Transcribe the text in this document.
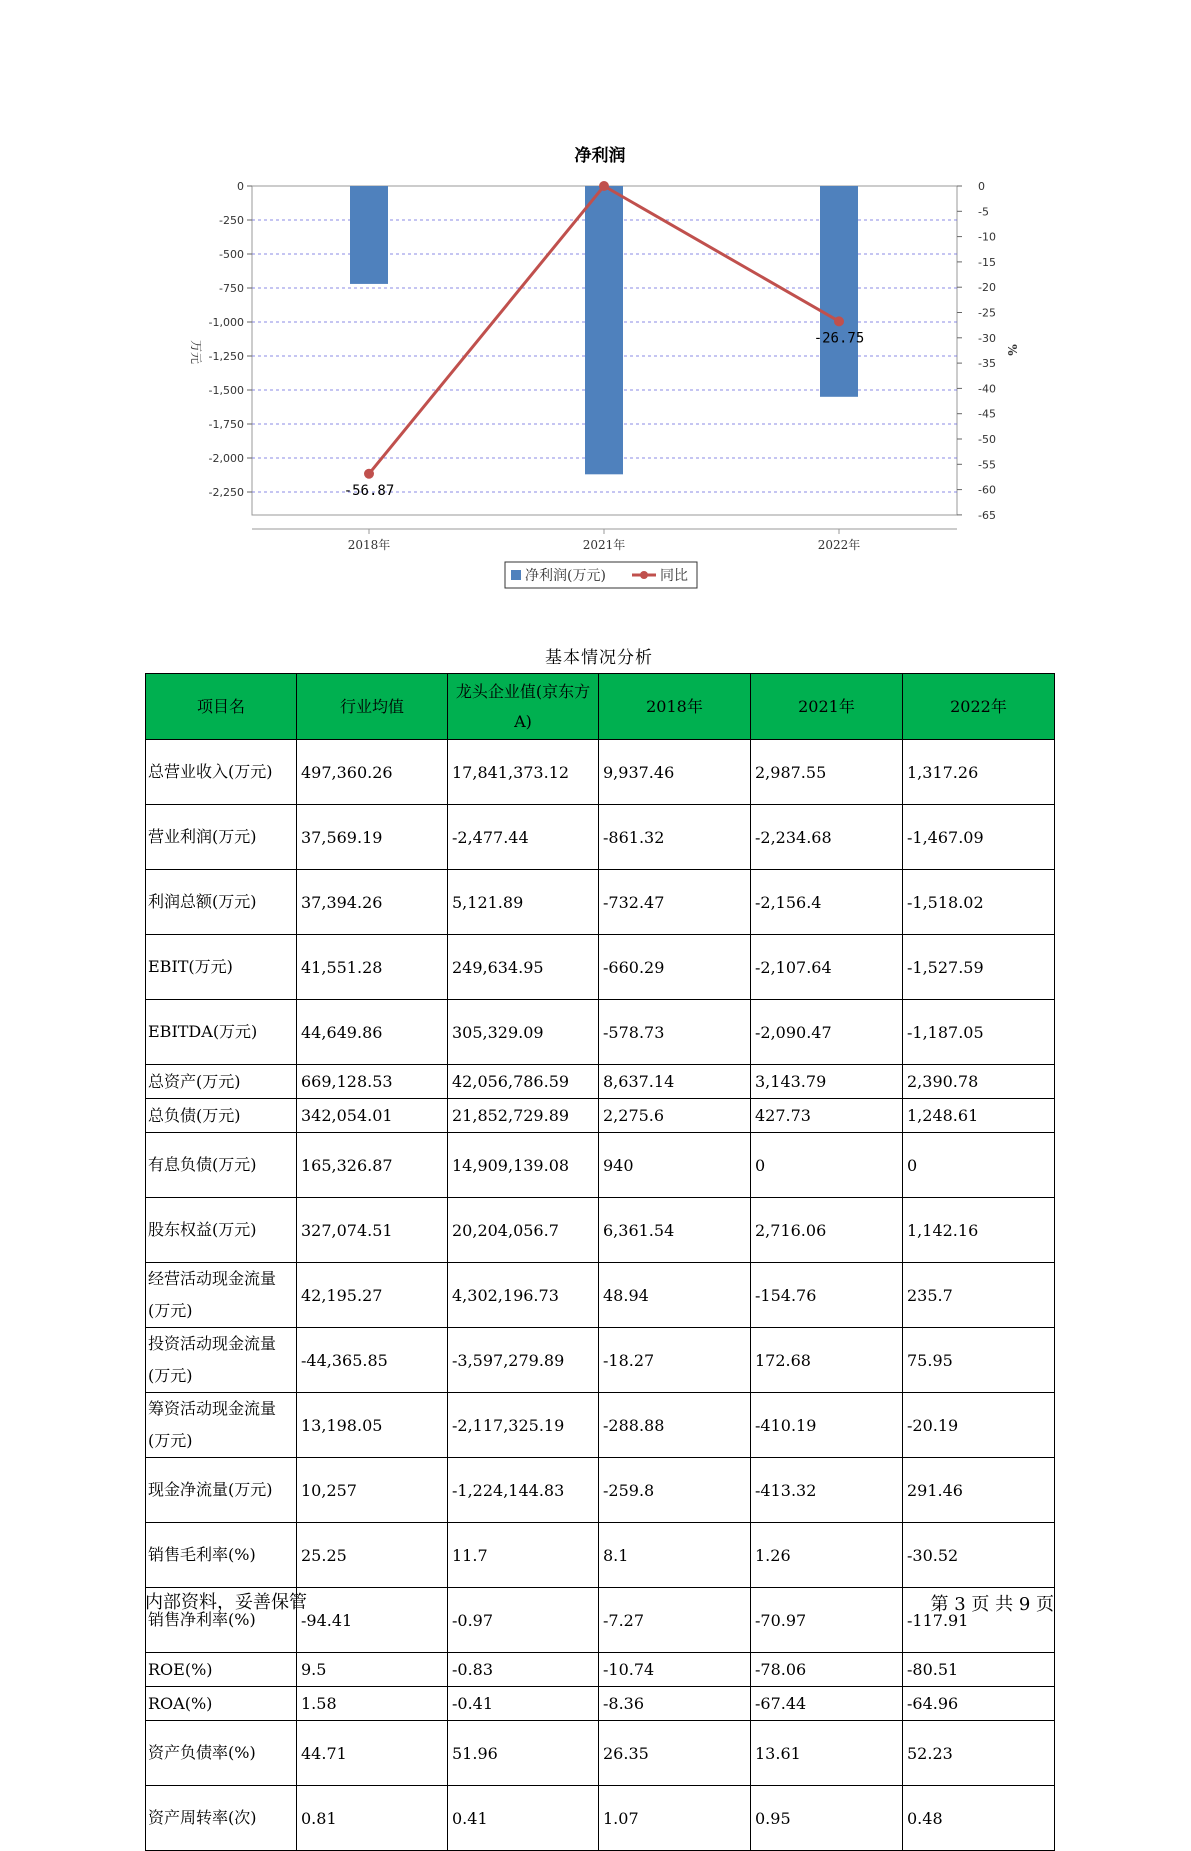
净利润
0
-250
-500
-750
-1,000
-1,250
-1,500
-1,750
-2,000
-2,250
0
-5
-10
-15
-20
-25
-30
-35
-40
-45
-50
-55
-60
-65
万元	%
2018年	2021年	2022年
-56.87
-26.75
净利润(万元)	同比
基本情况分析
项目名	行业均值	龙头企业值(京东方A)	2018年	2021年	2022年
总营业收入(万元)	497,360.26	17,841,373.12	9,937.46	2,987.55	1,317.26
营业利润(万元)	37,569.19	-2,477.44	-861.32	-2,234.68	-1,467.09
利润总额(万元)	37,394.26	5,121.89	-732.47	-2,156.4	-1,518.02
EBIT(万元)	41,551.28	249,634.95	-660.29	-2,107.64	-1,527.59
EBITDA(万元)	44,649.86	305,329.09	-578.73	-2,090.47	-1,187.05
总资产(万元)	669,128.53	42,056,786.59	8,637.14	3,143.79	2,390.78
总负债(万元)	342,054.01	21,852,729.89	2,275.6	427.73	1,248.61
有息负债(万元)	165,326.87	14,909,139.08	940	0	0
股东权益(万元)	327,074.51	20,204,056.7	6,361.54	2,716.06	1,142.16
经营活动现金流量(万元)	42,195.27	4,302,196.73	48.94	-154.76	235.7
投资活动现金流量(万元)	-44,365.85	-3,597,279.89	-18.27	172.68	75.95
筹资活动现金流量(万元)	13,198.05	-2,117,325.19	-288.88	-410.19	-20.19
现金净流量(万元)	10,257	-1,224,144.83	-259.8	-413.32	291.46
销售毛利率(%)	25.25	11.7	8.1	1.26	-30.52
销售净利率(%)	-94.41	-0.97	-7.27	-70.97	-117.91
ROE(%)	9.5	-0.83	-10.74	-78.06	-80.51
ROA(%)	1.58	-0.41	-8.36	-67.44	-64.96
资产负债率(%)	44.71	51.96	26.35	13.61	52.23
资产周转率(次)	0.81	0.41	1.07	0.95	0.48
内部资料，妥善保管	第 3 页 共 9 页
